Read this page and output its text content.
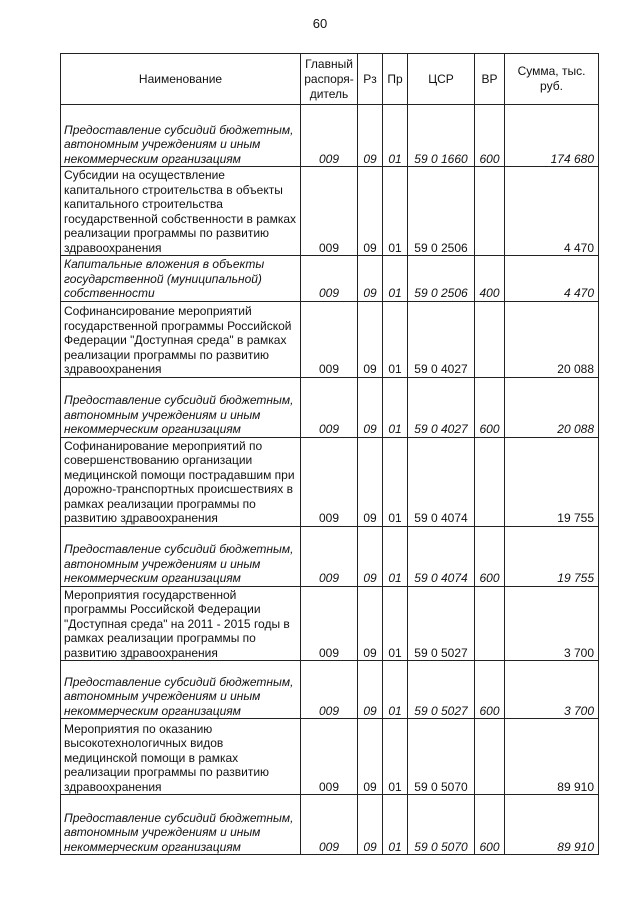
60
Наименование	Главный распоря-дитель	Рз	Пр	ЦСР	ВР	Сумма, тыс. руб.
Предоставление субсидий бюджетным, автономным учреждениям и иным некоммерческим организациям	009	09	01	59 0 1660	600	174 680
Субсидии на осуществление капитального строительства в объекты капитального строительства государственной собственности в рамках реализации программы по развитию здравоохранения	009	09	01	59 0 2506		4 470
Капитальные вложения в объекты государственной (муниципальной) собственности	009	09	01	59 0 2506	400	4 470
Софинансирование мероприятий государственной программы Российской Федерации "Доступная среда" в рамках реализации программы по развитию здравоохранения	009	09	01	59 0 4027		20 088
Предоставление субсидий бюджетным, автономным учреждениям и иным некоммерческим организациям	009	09	01	59 0 4027	600	20 088
Софинанирование мероприятий по совершенствованию организации медицинской помощи пострадавшим при дорожно-транспортных происшествиях в рамках реализации программы по развитию здравоохранения	009	09	01	59 0 4074		19 755
Предоставление субсидий бюджетным, автономным учреждениям и иным некоммерческим организациям	009	09	01	59 0 4074	600	19 755
Мероприятия государственной программы Российской Федерации "Доступная среда" на 2011 - 2015 годы в рамках реализации программы по развитию здравоохранения	009	09	01	59 0 5027		3 700
Предоставление субсидий бюджетным, автономным учреждениям и иным некоммерческим организациям	009	09	01	59 0 5027	600	3 700
Мероприятия по оказанию высокотехнологичных видов медицинской помощи в рамках реализации программы по развитию здравоохранения	009	09	01	59 0 5070		89 910
Предоставление субсидий бюджетным, автономным учреждениям и иным некоммерческим организациям	009	09	01	59 0 5070	600	89 910
